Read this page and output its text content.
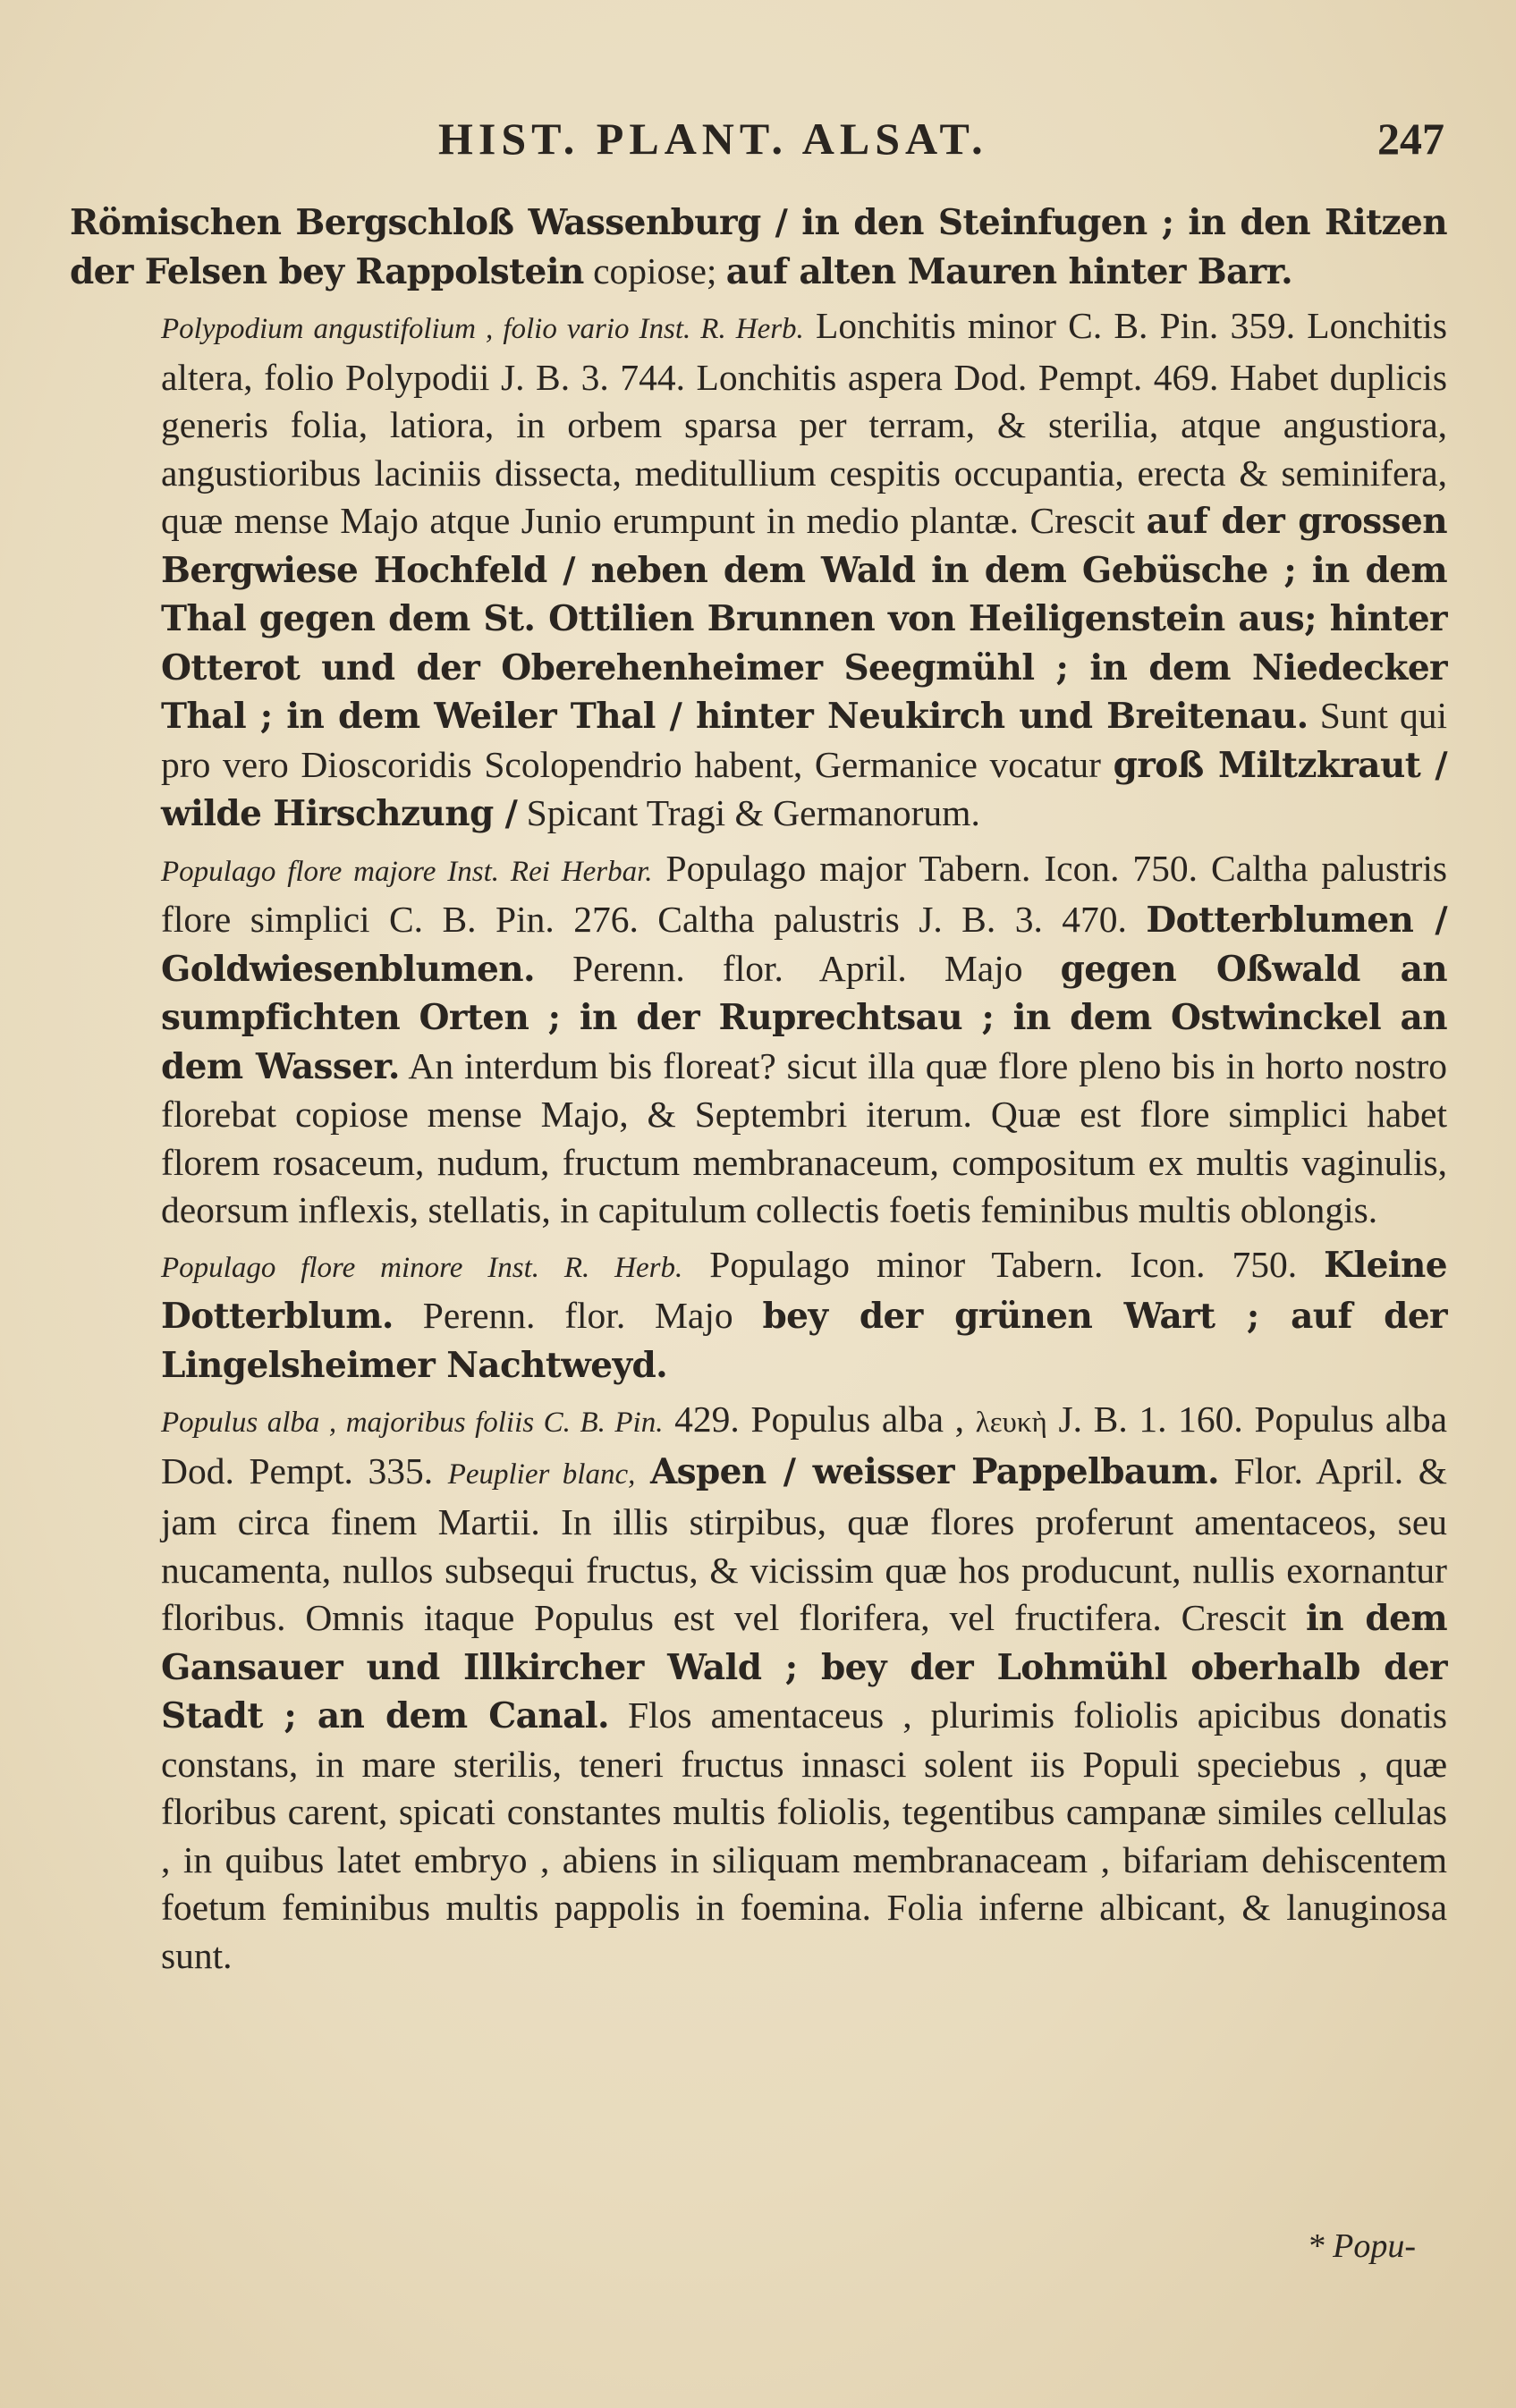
HIST. PLANT. ALSAT.	247

Römischen Bergschloß Wassenburg / in den Steinfugen ; in den Ritzen der Felsen bey Rappolstein copiose; auf alten Mauren hinter Barr.

Polypodium angustifolium , folio vario Inst. R. Herb. Lonchitis minor C. B. Pin. 359. Lonchitis altera, folio Polypodii J. B. 3. 744. Lonchitis aspera Dod. Pempt. 469. Habet duplicis generis folia, latiora, in orbem sparsa per terram, & sterilia, atque angustiora, angustioribus laciniis dissecta, meditullium cespitis occupantia, erecta & seminifera, quæ mense Majo atque Junio erumpunt in medio plantæ. Crescit auf der grossen Bergwiese Hochfeld / neben dem Wald in dem Gebüsche ; in dem Thal gegen dem St. Ottilien Brunnen von Heiligenstein aus; hinter Otterot und der Oberehenheimer Seegmühl ; in dem Niedecker Thal ; in dem Weiler Thal / hinter Neukirch und Breitenau. Sunt qui pro vero Dioscoridis Scolopendrio habent, Germanice vocatur groß Miltzkraut / wilde Hirschzung / Spicant Tragi & Germanorum.

Populago flore majore Inst. Rei Herbar. Populago major Tabern. Icon. 750. Caltha palustris flore simplici C. B. Pin. 276. Caltha palustris J. B. 3. 470. Dotterblumen / Goldwiesenblumen. Perenn. flor. April. Majo gegen Oßwald an sumpfichten Orten ; in der Ruprechtsau ; in dem Ostwinckel an dem Wasser. An interdum bis floreat? sicut illa quæ flore pleno bis in horto nostro florebat copiose mense Majo, & Septembri iterum. Quæ est flore simplici habet florem rosaceum, nudum, fructum membranaceum, compositum ex multis vaginulis, deorsum inflexis, stellatis, in capitulum collectis foetis feminibus multis oblongis.

Populago flore minore Inst. R. Herb. Populago minor Tabern. Icon. 750. Kleine Dotterblum. Perenn. flor. Majo bey der grünen Wart ; auf der Lingelsheimer Nachtweyd.

Populus alba , majoribus foliis C. B. Pin. 429. Populus alba , λευκὴ J. B. 1. 160. Populus alba Dod. Pempt. 335. Peuplier blanc, Aspen / weisser Pappelbaum. Flor. April. & jam circa finem Martii. In illis stirpibus, quæ flores proferunt amentaceos, seu nucamenta, nullos subsequi fructus, & vicissim quæ hos producunt, nullis exornantur floribus. Omnis itaque Populus est vel florifera, vel fructifera. Crescit in dem Gansauer und Illkircher Wald ; bey der Lohmühl oberhalb der Stadt ; an dem Canal. Flos amentaceus , plurimis foliolis apicibus donatis constans, in mare sterilis, teneri fructus innasci solent iis Populi speciebus , quæ floribus carent, spicati constantes multis foliolis, tegentibus campanæ similes cellulas , in quibus latet embryo , abiens in siliquam membranaceam , bifariam dehiscentem foetum feminibus multis pappolis in foemina. Folia inferne albicant, & lanuginosa sunt.

* Popu-
